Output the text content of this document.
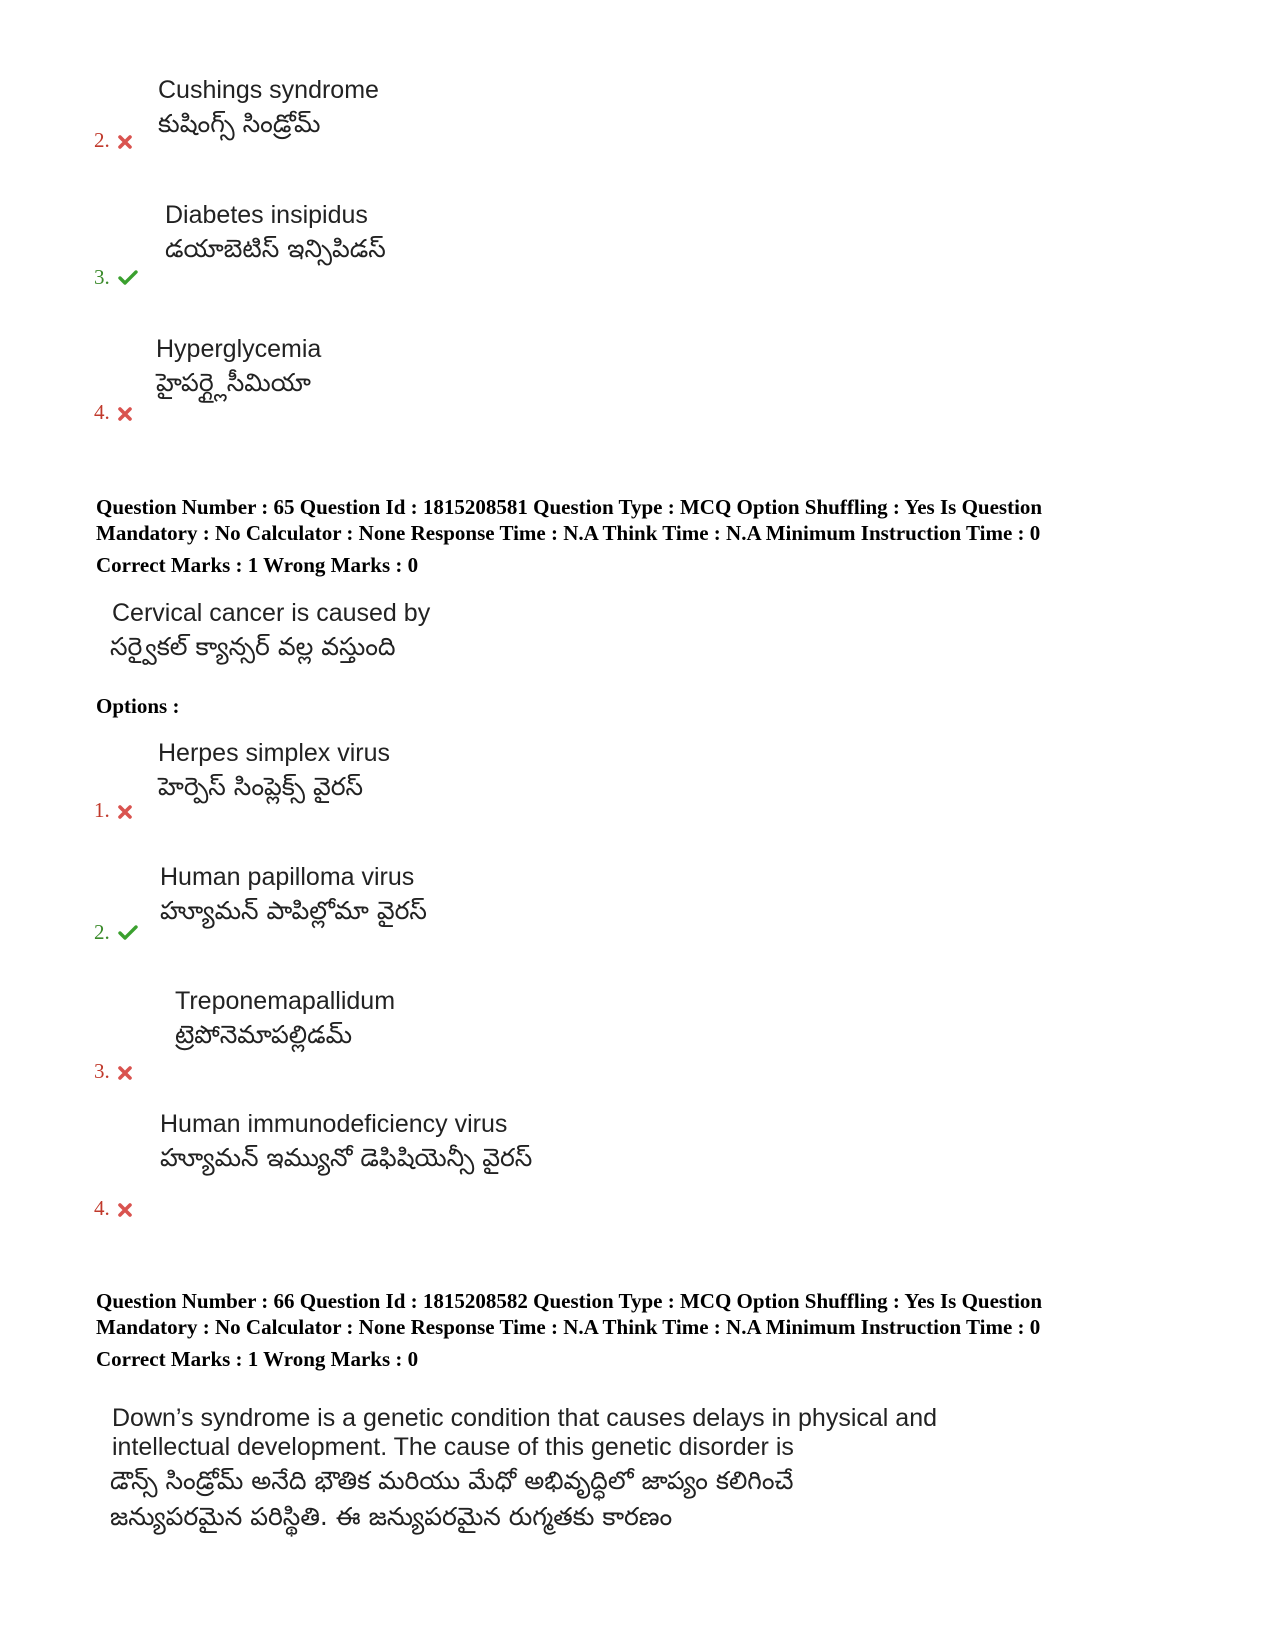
Cushings syndrome
కుషింగ్స్ సిండ్రోమ్
2.
Diabetes insipidus
డయాబెటిస్ ఇన్సిపిడస్
3.
Hyperglycemia
హైపర్గ్లైసీమియా
4.
Question Number : 65 Question Id : 1815208581 Question Type : MCQ Option Shuffling : Yes Is Question
Mandatory : No Calculator : None Response Time : N.A Think Time : N.A Minimum Instruction Time : 0
Correct Marks : 1 Wrong Marks : 0
Cervical cancer is caused by
సర్వైకల్ క్యాన్సర్ వల్ల వస్తుంది
Options :
Herpes simplex virus
హెర్పెస్ సింప్లెక్స్ వైరస్
1.
Human papilloma virus
హ్యూమన్ పాపిల్లోమా వైరస్
2.
Treponemapallidum
ట్రెపోనెమాపల్లిడమ్
3.
Human immunodeficiency virus
హ్యూమన్ ఇమ్యునో డెఫిషియెన్సీ వైరస్
4.
Question Number : 66 Question Id : 1815208582 Question Type : MCQ Option Shuffling : Yes Is Question
Mandatory : No Calculator : None Response Time : N.A Think Time : N.A Minimum Instruction Time : 0
Correct Marks : 1 Wrong Marks : 0
Down’s syndrome is a genetic condition that causes delays in physical and
intellectual development. The cause of this genetic disorder is
డౌన్స్ సిండ్రోమ్ అనేది భౌతిక మరియు మేధో అభివృద్ధిలో జాప్యం కలిగించే
జన్యుపరమైన పరిస్థితి. ఈ జన్యుపరమైన రుగ్మతకు కారణం
